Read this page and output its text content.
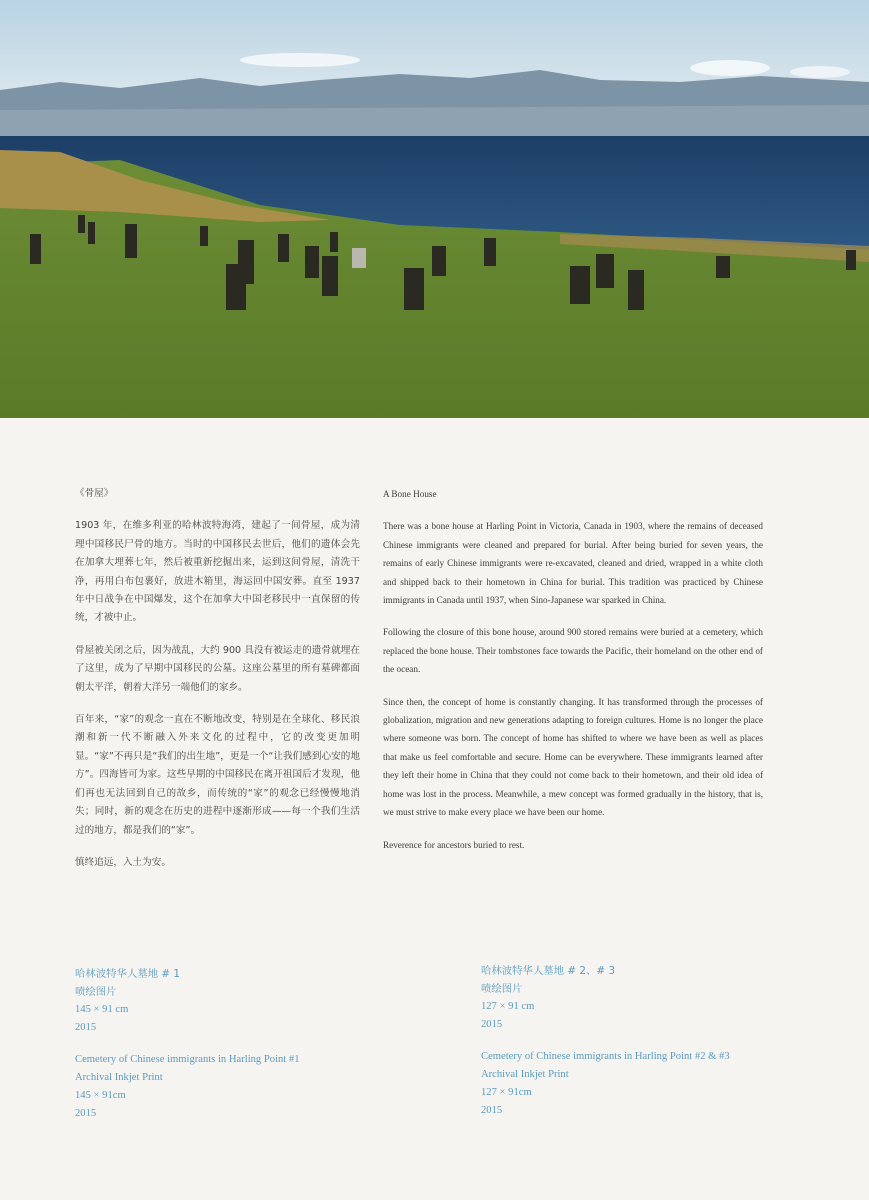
《骨屋》

1903 年，在维多利亚的哈林波特海湾，建起了一间骨屋，成为清理中国移民尸骨的地方。当时的中国移民去世后，他们的遗体会先在加拿大埋葬七年，然后被重新挖掘出来，运到这间骨屋，清洗干净，再用白布包裹好，放进木箱里，海运回中国安葬。直至 1937 年中日战争在中国爆发，这个在加拿大中国老移民中一直保留的传统，才被中止。

骨屋被关闭之后，因为战乱，大约 900 具没有被运走的遗骨就埋在了这里，成为了早期中国移民的公墓。这座公墓里的所有墓碑都面朝太平洋，朝着大洋另一端他们的家乡。

百年来，“家”的观念一直在不断地改变，特别是在全球化、移民浪潮和新一代不断融入外来文化的过程中，它的改变更加明显。“家”不再只是“我们的出生地”，更是一个“让我们感到心安的地方”。四海皆可为家。这些早期的中国移民在离开祖国后才发现，他们再也无法回到自己的故乡，而传统的“家”的观念已经慢慢地消失；同时，新的观念在历史的进程中逐渐形成——每一个我们生活过的地方，都是我们的“家”。

慎终追远，入土为安。

A Bone House

There was a bone house at Harling Point in Victoria, Canada in 1903, where the remains of deceased Chinese immigrants were cleaned and prepared for burial. After being buried for seven years, the remains of early Chinese immigrants were re-excavated, cleaned and dried, wrapped in a white cloth and shipped back to their hometown in China for burial. This tradition was practiced by Chinese immigrants in Canada until 1937, when Sino-Japanese war sparked in China.

Following the closure of this bone house, around 900 stored remains were buried at a cemetery, which replaced the bone house. Their tombstones face towards the Pacific, their homeland on the other end of the ocean.

Since then, the concept of home is constantly changing. It has transformed through the processes of globalization, migration and new generations adapting to foreign cultures. Home is no longer the place where someone was born. The concept of home has shifted to where we have been as well as places that make us feel comfortable and secure. Home can be everywhere. These immigrants learned after they left their home in China that they could not come back to their hometown, and their old idea of home was lost in the process. Meanwhile, a mew concept was formed gradually in the history, that is, we must strive to make every place we have been our home.

Reverence for ancestors buried to rest.

哈林波特华人墓地 # 1
喷绘图片
145 × 91 cm
2015
Cemetery of Chinese immigrants in Harling Point #1
Archival Inkjet Print
145 × 91cm
2015
哈林波特华人墓地 # 2、# 3
喷绘图片
127 × 91 cm
2015
Cemetery of Chinese immigrants in Harling Point #2 & #3
Archival Inkjet Print
127 × 91cm
2015
